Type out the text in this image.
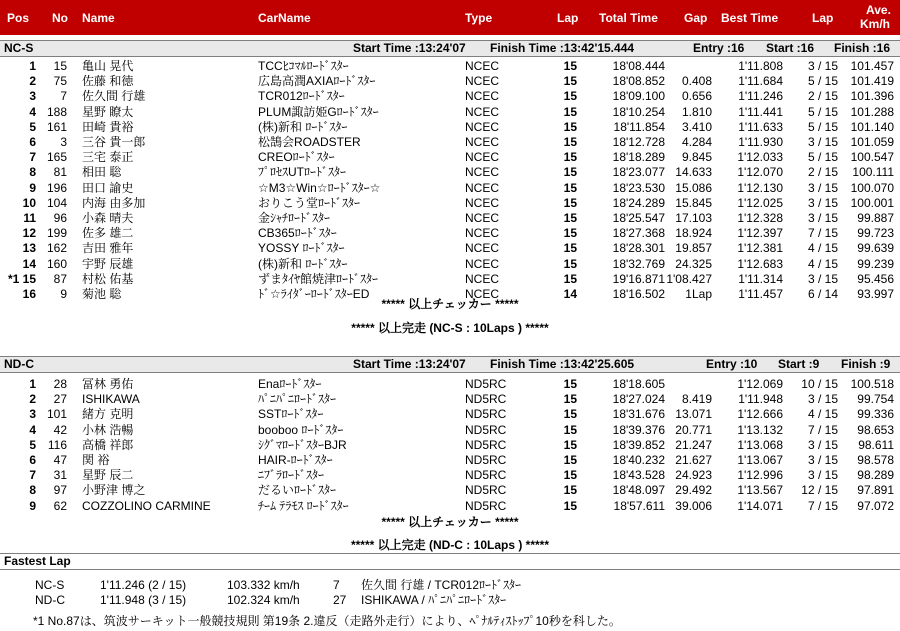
Pos No Name	CarName	Type	Lap Total Time Gap Best Time	Lap
Ave.
Km/h
NC-S	Start Time :13:24'07 Finish Time :13:42'15.444	Entry :16 Start :16 Finish :16
1	15 亀山 晃代	TCCﾋｺﾏﾙﾛｰﾄﾞｽﾀｰ	NCEC	15	18'08.444	1'11.808	3 / 15	101.457
2	75 佐藤 和徳	広島高潤AXIAﾛｰﾄﾞｽﾀｰ	NCEC	15	18'08.852	0.408	1'11.684	5 / 15	101.419
3	7 佐久間 行雄	TCR012ﾛｰﾄﾞｽﾀｰ	NCEC	15	18'09.100	0.656	1'11.246	2 / 15	101.396
4 188 星野 瞭太	PLUM諏訪姫Gﾛｰﾄﾞｽﾀｰ	NCEC	15	18'10.254	1.810	1'11.441	5 / 15	101.288
5 161 田崎 貴裕	(株)新和 ﾛｰﾄﾞｽﾀｰ	NCEC	15	18'11.854	3.410	1'11.633	5 / 15	101.140
6	3 三谷 貴一郎	松鵠会ROADSTER	NCEC	15	18'12.728	4.284	1'11.930	3 / 15	101.059
7 165 三宅 泰正	CREOﾛｰﾄﾞｽﾀｰ	NCEC	15	18'18.289	9.845	1'12.033	5 / 15	100.547
8	81 相田 聡	ﾌﾟﾛｾｽUTﾛｰﾄﾞｽﾀｰ	NCEC	15	18'23.077 14.633	1'12.070	2 / 15	100.111
9 196 田口 諭史	☆M3☆Win☆ﾛｰﾄﾞｽﾀｰ☆	NCEC	15	18'23.530 15.086	1'12.130	3 / 15	100.070
10 104 内海 由多加	おりこう堂ﾛｰﾄﾞｽﾀｰ	NCEC	15	18'24.289 15.845	1'12.025	3 / 15	100.001
11	96 小森 晴夫	金ｼｬﾁﾛｰﾄﾞｽﾀｰ	NCEC	15	18'25.547 17.103	1'12.328	3 / 15	99.887
12 199 佐多 雄二	CB365ﾛｰﾄﾞｽﾀｰ	NCEC	15	18'27.368 18.924	1'12.397	7 / 15	99.723
13 162 吉田 雅年	YOSSY ﾛｰﾄﾞｽﾀｰ	NCEC	15	18'28.301 19.857	1'12.381	4 / 15	99.639
14 160 宇野 辰雄	(株)新和 ﾛｰﾄﾞｽﾀｰ	NCEC	15	18'32.769 24.325	1'12.683	4 / 15	99.239
*1 15	87 村松 佑基	ずまﾀｲﾔ館焼津ﾛｰﾄﾞｽﾀｰ	NCEC	15	19'16.871 1'08.427	1'11.314	3 / 15	95.456
16	9 菊池 聡	ﾄﾞ☆ﾗｲﾀﾞｰﾛｰﾄﾞｽﾀｰED	NCEC	14	18'16.502	1Lap	1'11.457	6 / 14	93.997
***** 以上チェッカー *****
***** 以上完走 (NC-S : 10Laps ) *****
ND-C	Start Time :13:24'07 Finish Time :13:42'25.605	Entry :10 Start :9 Finish :9
1	28 冨林 勇佑	Enaﾛｰﾄﾞｽﾀｰ	ND5RC	15	18'18.605	1'12.069	10 / 15	100.518
2	27 ISHIKAWA	ﾊﾟﾆﾊﾟﾆﾛｰﾄﾞｽﾀｰ	ND5RC	15	18'27.024	8.419	1'11.948	3 / 15	99.754
3 101 緒方 克明	SSTﾛｰﾄﾞｽﾀｰ	ND5RC	15	18'31.676 13.071	1'12.666	4 / 15	99.336
4	42 小林 浩暢	booboo ﾛｰﾄﾞｽﾀｰ	ND5RC	15	18'39.376 20.771	1'13.132	7 / 15	98.653
5 116 高橋 祥郎	ｼｸﾞﾏﾛｰﾄﾞｽﾀｰBJR	ND5RC	15	18'39.852 21.247	1'13.068	3 / 15	98.611
6	47 関 裕	HAIR-ﾛｰﾄﾞｽﾀｰ	ND5RC	15	18'40.232 21.627	1'13.067	3 / 15	98.578
7	31 星野 辰二	ﾆﾌﾞﾗﾛｰﾄﾞｽﾀｰ	ND5RC	15	18'43.528 24.923	1'12.996	3 / 15	98.289
8	97 小野津 博之	だるいﾛｰﾄﾞｽﾀｰ	ND5RC	15	18'48.097 29.492	1'13.567	12 / 15	97.891
9	62 COZZOLINO CARMINE	ﾁｰﾑ ﾃﾗﾓｽ ﾛｰﾄﾞｽﾀｰ	ND5RC	15	18'57.611 39.006	1'14.071	7 / 15	97.072
***** 以上チェッカー *****
***** 以上完走 (ND-C : 10Laps ) *****
Fastest Lap
NC-S	1'11.246 (2 / 15)	103.332 km/h	7 佐久間 行雄 / TCR012ﾛｰﾄﾞｽﾀｰ
ND-C	1'11.948 (3 / 15)	102.324 km/h	27 ISHIKAWA / ﾊﾟﾆﾊﾟﾆﾛｰﾄﾞｽﾀｰ
*1 No.87は、筑波サーキット一般競技規則 第19条 2.違反（走路外走行）により、ﾍﾟﾅﾙﾃｨｽﾄｯﾌﾟ10秒を科した。
